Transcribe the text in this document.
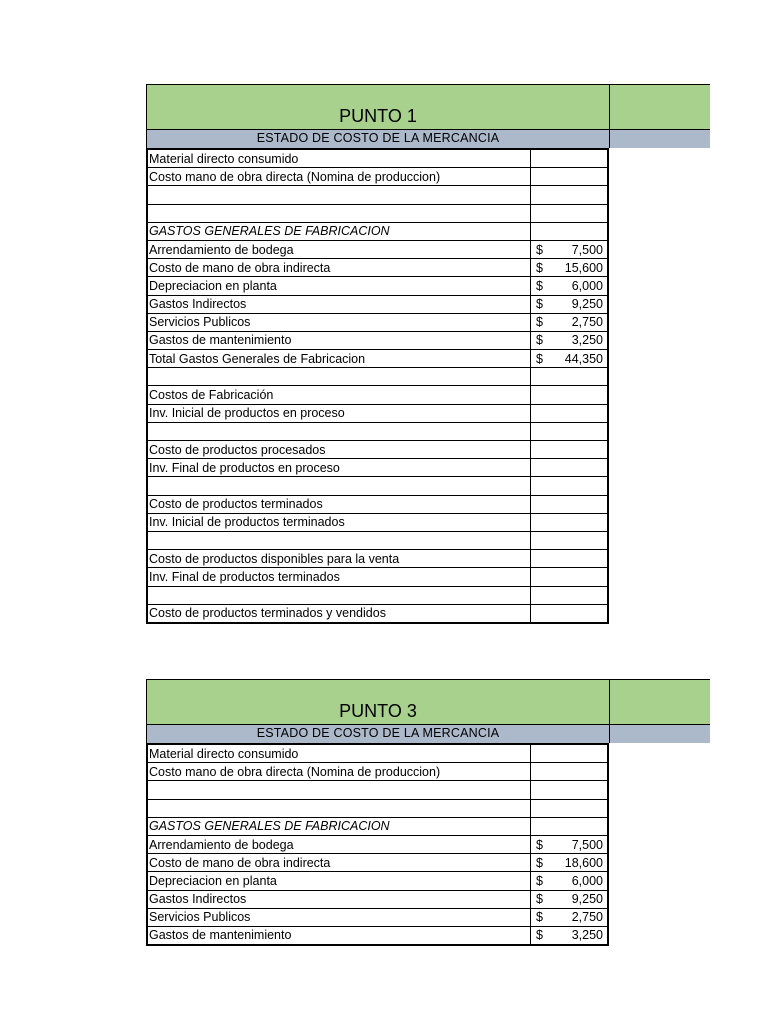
PUNTO 1
ESTADO DE COSTO DE LA MERCANCIA
Material directo consumido	

Costo mano de obra directa (Nomina de produccion)	

GASTOS GENERALES DE FABRICACION	

Arrendamiento de bodega	$ 7,500

Costo de mano de obra indirecta	$ 15,600

Depreciacion en planta	$ 6,000

Gastos Indirectos	$ 9,250

Servicios Publicos	$ 2,750

Gastos de mantenimiento	$ 3,250

Total Gastos Generales de Fabricacion	$ 44,350

Costos de Fabricación	

Inv. Inicial de productos en proceso	

Costo de productos procesados	

Inv. Final de productos en proceso	

Costo de productos terminados	

Inv. Inicial de productos terminados	

Costo de productos disponibles para la venta	

Inv. Final de productos terminados	

Costo de productos terminados y vendidos	
PUNTO 3
ESTADO DE COSTO DE LA MERCANCIA
Material directo consumido	

Costo mano de obra directa (Nomina de produccion)	

GASTOS GENERALES DE FABRICACION	

Arrendamiento de bodega	$ 7,500

Costo de mano de obra indirecta	$ 18,600

Depreciacion en planta	$ 6,000

Gastos Indirectos	$ 9,250

Servicios Publicos	$ 2,750

Gastos de mantenimiento	$ 3,250
